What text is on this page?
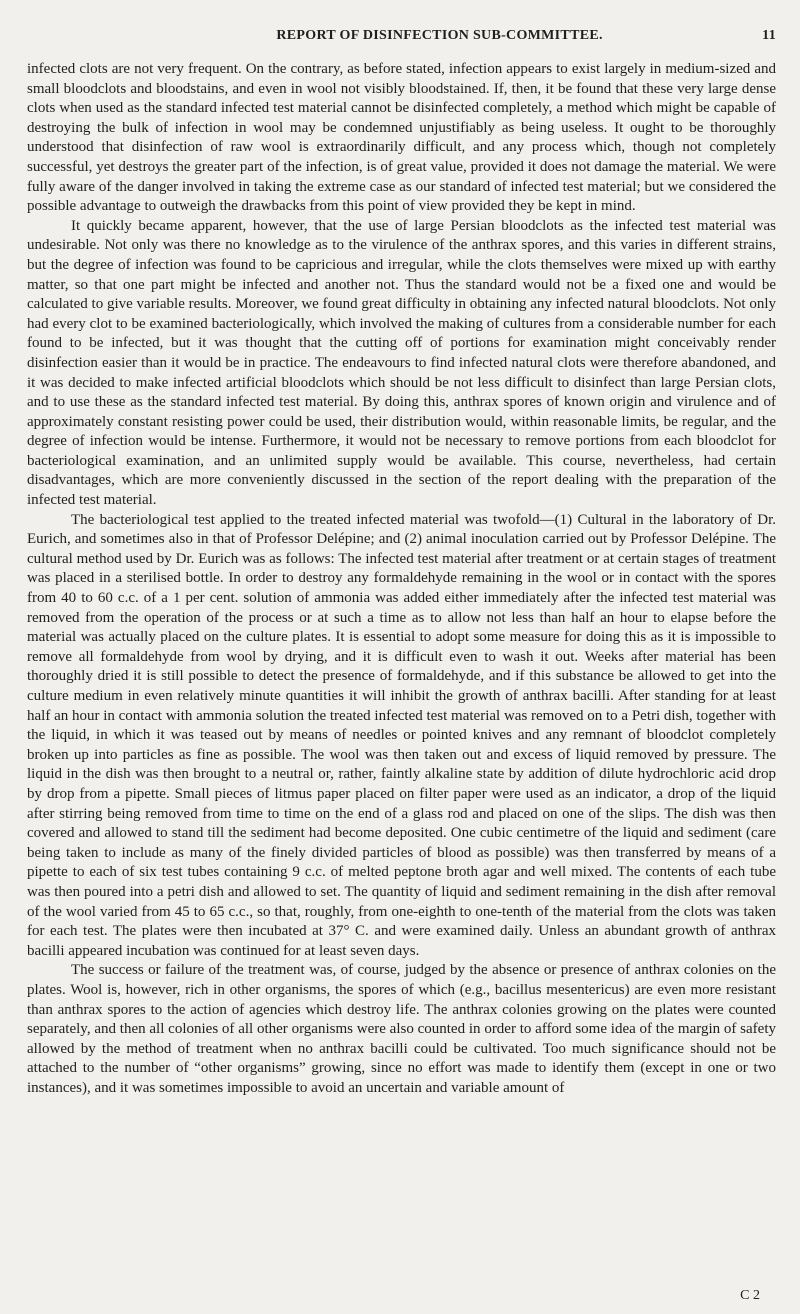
REPORT OF DISINFECTION SUB-COMMITTEE.	11

infected clots are not very frequent. On the contrary, as before stated, infection appears to exist largely in medium-sized and small bloodclots and bloodstains, and even in wool not visibly bloodstained. If, then, it be found that these very large dense clots when used as the standard infected test material cannot be disinfected completely, a method which might be capable of destroying the bulk of infection in wool may be condemned unjustifiably as being useless. It ought to be thoroughly understood that disinfection of raw wool is extraordinarily difficult, and any process which, though not completely successful, yet destroys the greater part of the infection, is of great value, provided it does not damage the material. We were fully aware of the danger involved in taking the extreme case as our standard of infected test material; but we considered the possible advantage to outweigh the drawbacks from this point of view provided they be kept in mind.

It quickly became apparent, however, that the use of large Persian bloodclots as the infected test material was undesirable. Not only was there no knowledge as to the virulence of the anthrax spores, and this varies in different strains, but the degree of infection was found to be capricious and irregular, while the clots themselves were mixed up with earthy matter, so that one part might be infected and another not. Thus the standard would not be a fixed one and would be calculated to give variable results. Moreover, we found great difficulty in obtaining any infected natural bloodclots. Not only had every clot to be examined bacteriologically, which involved the making of cultures from a considerable number for each found to be infected, but it was thought that the cutting off of portions for examination might conceivably render disinfection easier than it would be in practice. The endeavours to find infected natural clots were therefore abandoned, and it was decided to make infected artificial bloodclots which should be not less difficult to disinfect than large Persian clots, and to use these as the standard infected test material. By doing this, anthrax spores of known origin and virulence and of approximately constant resisting power could be used, their distribution would, within reasonable limits, be regular, and the degree of infection would be intense. Furthermore, it would not be necessary to remove portions from each bloodclot for bacteriological examination, and an unlimited supply would be available. This course, nevertheless, had certain disadvantages, which are more conveniently discussed in the section of the report dealing with the preparation of the infected test material.

The bacteriological test applied to the treated infected material was twofold—(1) Cultural in the laboratory of Dr. Eurich, and sometimes also in that of Professor Delépine; and (2) animal inoculation carried out by Professor Delépine. The cultural method used by Dr. Eurich was as follows: The infected test material after treatment or at certain stages of treatment was placed in a sterilised bottle. In order to destroy any formaldehyde remaining in the wool or in contact with the spores from 40 to 60 c.c. of a 1 per cent. solution of ammonia was added either immediately after the infected test material was removed from the operation of the process or at such a time as to allow not less than half an hour to elapse before the material was actually placed on the culture plates. It is essential to adopt some measure for doing this as it is impossible to remove all formaldehyde from wool by drying, and it is difficult even to wash it out. Weeks after material has been thoroughly dried it is still possible to detect the presence of formaldehyde, and if this substance be allowed to get into the culture medium in even relatively minute quantities it will inhibit the growth of anthrax bacilli. After standing for at least half an hour in contact with ammonia solution the treated infected test material was removed on to a Petri dish, together with the liquid, in which it was teased out by means of needles or pointed knives and any remnant of bloodclot completely broken up into particles as fine as possible. The wool was then taken out and excess of liquid removed by pressure. The liquid in the dish was then brought to a neutral or, rather, faintly alkaline state by addition of dilute hydrochloric acid drop by drop from a pipette. Small pieces of litmus paper placed on filter paper were used as an indicator, a drop of the liquid after stirring being removed from time to time on the end of a glass rod and placed on one of the slips. The dish was then covered and allowed to stand till the sediment had become deposited. One cubic centimetre of the liquid and sediment (care being taken to include as many of the finely divided particles of blood as possible) was then transferred by means of a pipette to each of six test tubes containing 9 c.c. of melted peptone broth agar and well mixed. The contents of each tube was then poured into a petri dish and allowed to set. The quantity of liquid and sediment remaining in the dish after removal of the wool varied from 45 to 65 c.c., so that, roughly, from one-eighth to one-tenth of the material from the clots was taken for each test. The plates were then incubated at 37° C. and were examined daily. Unless an abundant growth of anthrax bacilli appeared incubation was continued for at least seven days.

The success or failure of the treatment was, of course, judged by the absence or presence of anthrax colonies on the plates. Wool is, however, rich in other organisms, the spores of which (e.g., bacillus mesentericus) are even more resistant than anthrax spores to the action of agencies which destroy life. The anthrax colonies growing on the plates were counted separately, and then all colonies of all other organisms were also counted in order to afford some idea of the margin of safety allowed by the method of treatment when no anthrax bacilli could be cultivated. Too much significance should not be attached to the number of “other organisms” growing, since no effort was made to identify them (except in one or two instances), and it was sometimes impossible to avoid an uncertain and variable amount of

C 2
